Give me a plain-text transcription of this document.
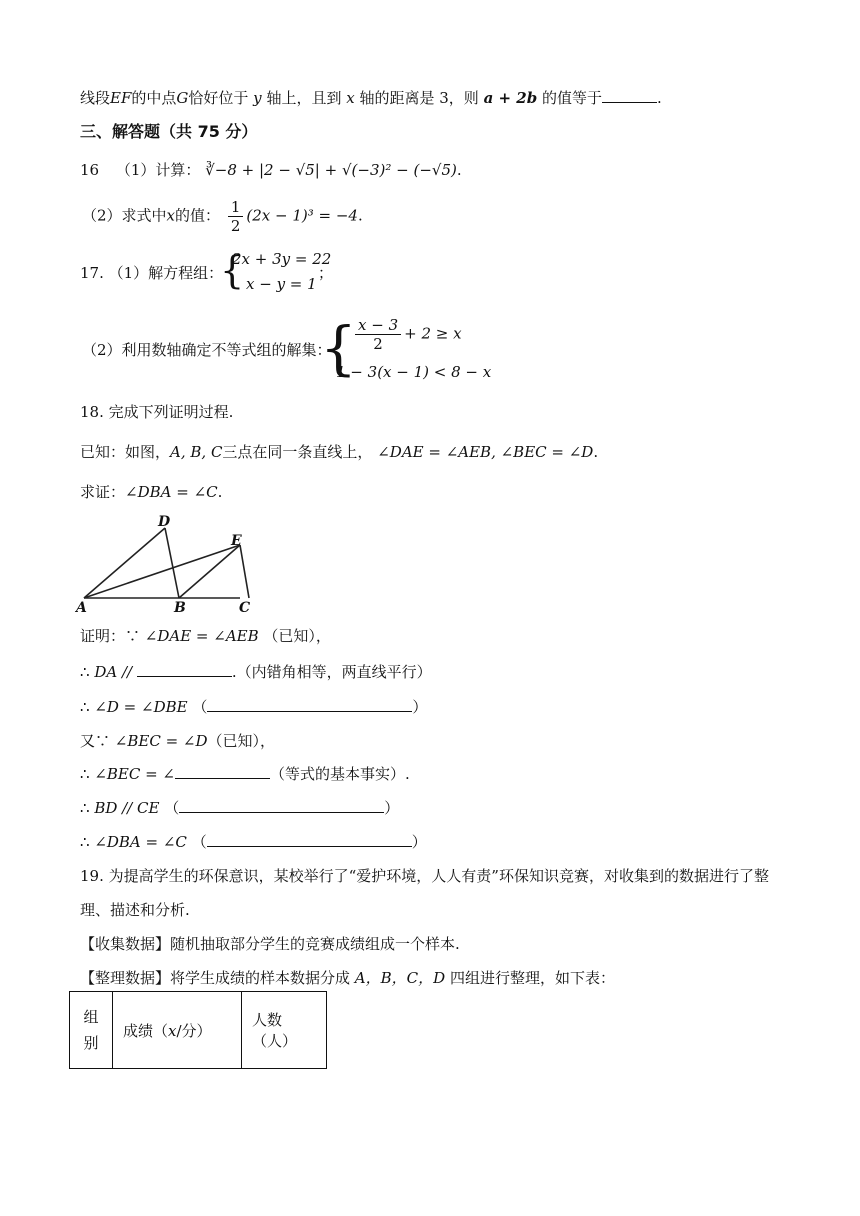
线段EF的中点G恰好位于 y 轴上，且到 x 轴的距离是 3，则 a + 2b 的值等于	.
三、解答题（共 75 分）
16 （1）计算： ∛−8 + |2 − √5| + √(−3)² − (−√5).
（2）求式中x的值： $\frac{1}{2} (2x - 1)^3 = -4$.
17. （1）解方程组：
{
2x + 3y = 22
x − y = 1
；
（2）利用数轴确定不等式组的解集：
{
$\frac{x - 3}{2} + 2 \ge x$
1 − 3(x − 1) < 8 − x
18. 完成下列证明过程.
已知：如图，A, B, C三点在同一条直线上， ∠DAE = ∠AEB, ∠BEC = ∠D.
求证：∠DBA = ∠C.
D
E
A	B	C
证明：∵ ∠DAE = ∠AEB （已知），
∴ DA //	.（内错角相等，两直线平行）
∴ ∠D = ∠DBE （	）
又∵ ∠BEC = ∠D（已知），
∴ ∠BEC = ∠	（等式的基本事实）.
∴ BD // CE （	）
∴ ∠DBA = ∠C （	）
19. 为提高学生的环保意识，某校举行了“爱护环境，人人有责”环保知识竞赛，对收集到的数据进行了整
理、描述和分析.
【收集数据】随机抽取部分学生的竞赛成绩组成一个样本.
【整理数据】将学生成绩的样本数据分成 A，B，C，D 四组进行整理，如下表：
组
别	成绩（x/分）	人数（人）
